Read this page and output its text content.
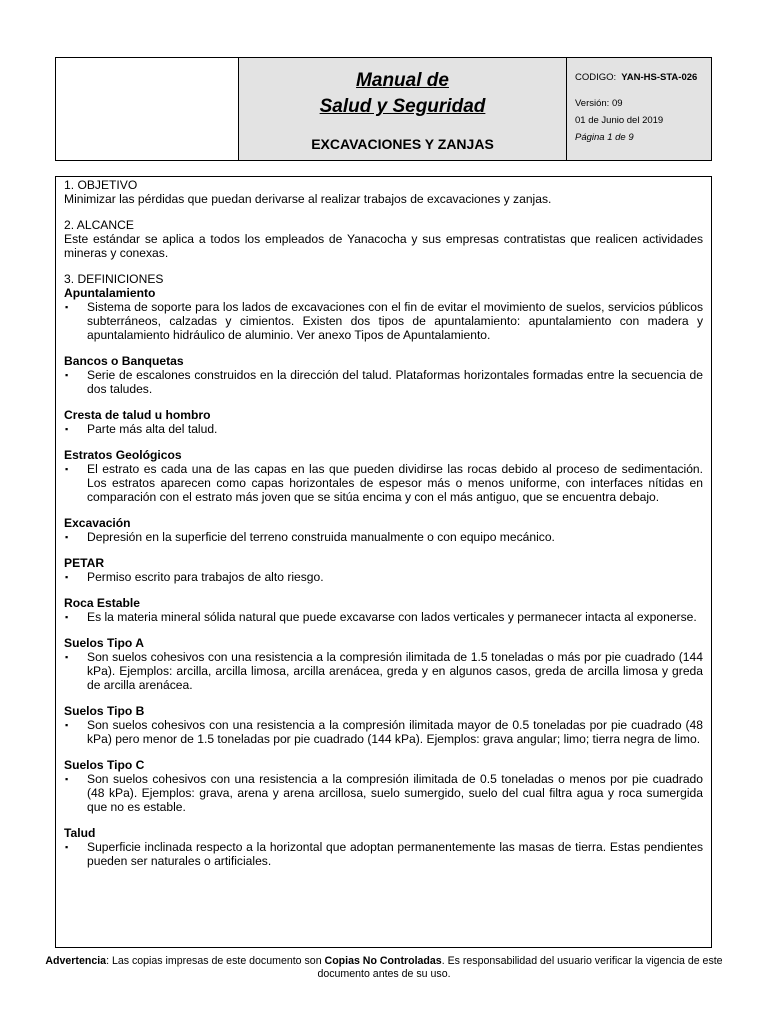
Manual de
Salud y Seguridad
EXCAVACIONES Y ZANJAS
CODIGO: YAN-HS-STA-026
Versión: 09
01 de Junio del 2019
Página 1 de 9
1. OBJETIVO
Minimizar las pérdidas que puedan derivarse al realizar trabajos de excavaciones y zanjas.
2. ALCANCE
Este estándar se aplica a todos los empleados de Yanacocha y sus empresas contratistas que realicen actividades mineras y conexas.
3. DEFINICIONES
Apuntalamiento
▪	Sistema de soporte para los lados de excavaciones con el fin de evitar el movimiento de suelos, servicios públicos subterráneos, calzadas y cimientos. Existen dos tipos de apuntalamiento: apuntalamiento con madera y apuntalamiento hidráulico de aluminio. Ver anexo Tipos de Apuntalamiento.
Bancos o Banquetas
▪	Serie de escalones construidos en la dirección del talud. Plataformas horizontales formadas entre la secuencia de dos taludes.
Cresta de talud u hombro
▪	Parte más alta del talud.
Estratos Geológicos
▪	El estrato es cada una de las capas en las que pueden dividirse las rocas debido al proceso de sedimentación. Los estratos aparecen como capas horizontales de espesor más o menos uniforme, con interfaces nítidas en comparación con el estrato más joven que se sitúa encima y con el más antiguo, que se encuentra debajo.
Excavación
▪	Depresión en la superficie del terreno construida manualmente o con equipo mecánico.
PETAR
▪	Permiso escrito para trabajos de alto riesgo.
Roca Estable
▪	Es la materia mineral sólida natural que puede excavarse con lados verticales y permanecer intacta al exponerse.
Suelos Tipo A
▪	Son suelos cohesivos con una resistencia a la compresión ilimitada de 1.5 toneladas o más por pie cuadrado (144 kPa). Ejemplos: arcilla, arcilla limosa, arcilla arenácea, greda y en algunos casos, greda de arcilla limosa y greda de arcilla arenácea.
Suelos Tipo B
▪	Son suelos cohesivos con una resistencia a la compresión ilimitada mayor de 0.5 toneladas por pie cuadrado (48 kPa) pero menor de 1.5 toneladas por pie cuadrado (144 kPa). Ejemplos: grava angular; limo; tierra negra de limo.
Suelos Tipo C
▪	Son suelos cohesivos con una resistencia a la compresión ilimitada de 0.5 toneladas o menos por pie cuadrado (48 kPa). Ejemplos: grava, arena y arena arcillosa, suelo sumergido, suelo del cual filtra agua y roca sumergida que no es estable.
Talud
▪	Superficie inclinada respecto a la horizontal que adoptan permanentemente las masas de tierra. Estas pendientes pueden ser naturales o artificiales.
Advertencia: Las copias impresas de este documento son Copias No Controladas. Es responsabilidad del usuario verificar la vigencia de este documento antes de su uso.
